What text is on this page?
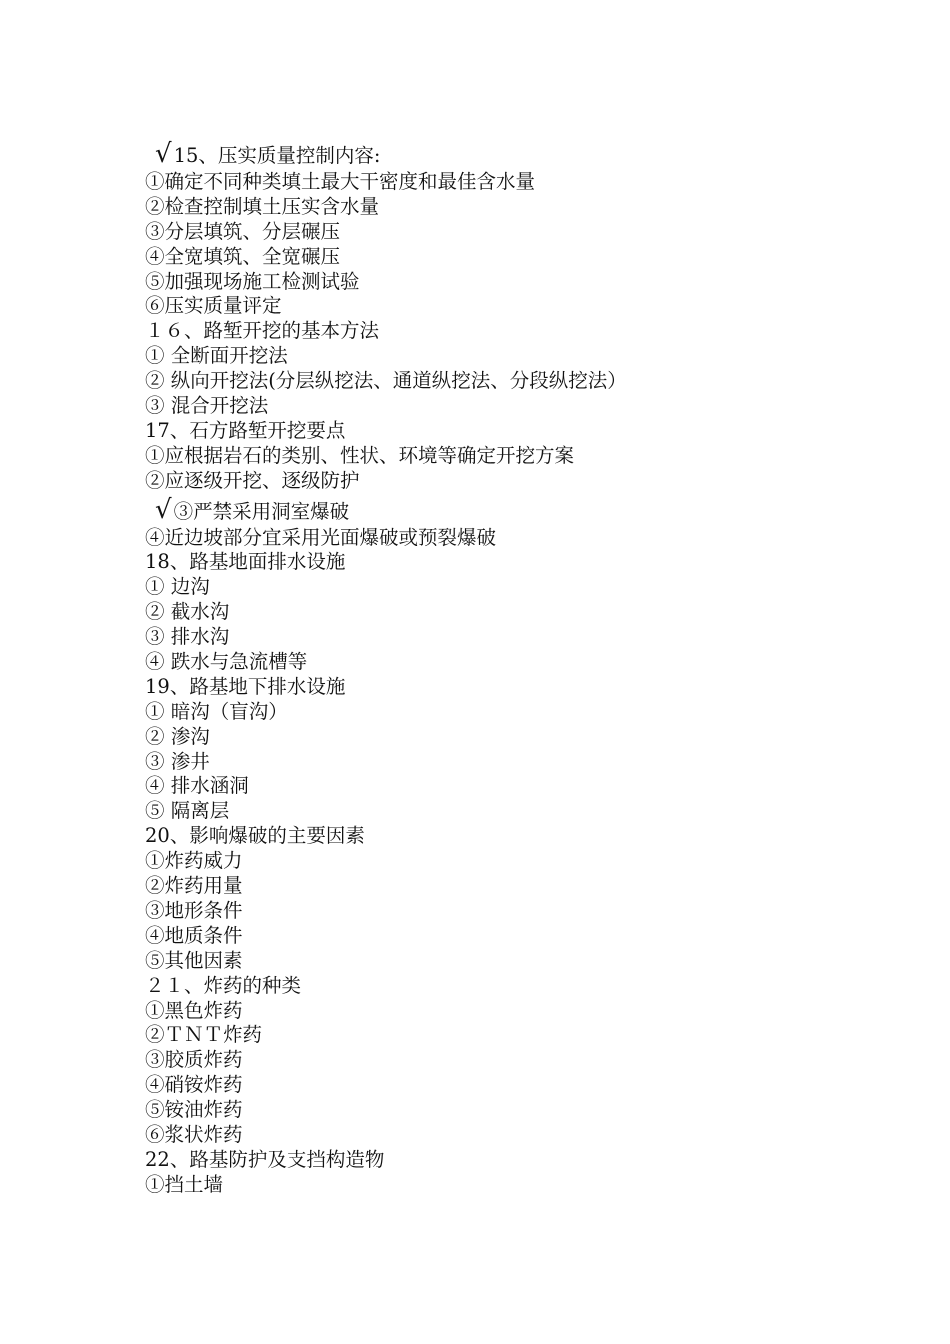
√ 15、压实质量控制内容:
①确定不同种类填土最大干密度和最佳含水量
②检查控制填土压实含水量
③分层填筑、分层碾压
④全宽填筑、全宽碾压
⑤加强现场施工检测试验
⑥压实质量评定
１６、路堑开挖的基本方法
① 全断面开挖法
② 纵向开挖法(分层纵挖法、通道纵挖法、分段纵挖法）
③ 混合开挖法
17、石方路堑开挖要点
①应根据岩石的类别、性状、环境等确定开挖方案
②应逐级开挖、逐级防护
√ ③严禁采用洞室爆破
④近边坡部分宜采用光面爆破或预裂爆破
18、路基地面排水设施
① 边沟
② 截水沟
③ 排水沟
④ 跌水与急流槽等
19、路基地下排水设施
① 暗沟（盲沟）
② 渗沟
③ 渗井
④ 排水涵洞
⑤ 隔离层
20、影响爆破的主要因素
①炸药威力
②炸药用量
③地形条件
④地质条件
⑤其他因素
２１、炸药的种类
①黑色炸药
②ＴＮＴ炸药
③胶质炸药
④硝铵炸药
⑤铵油炸药
⑥浆状炸药
22、路基防护及支挡构造物
①挡土墙
